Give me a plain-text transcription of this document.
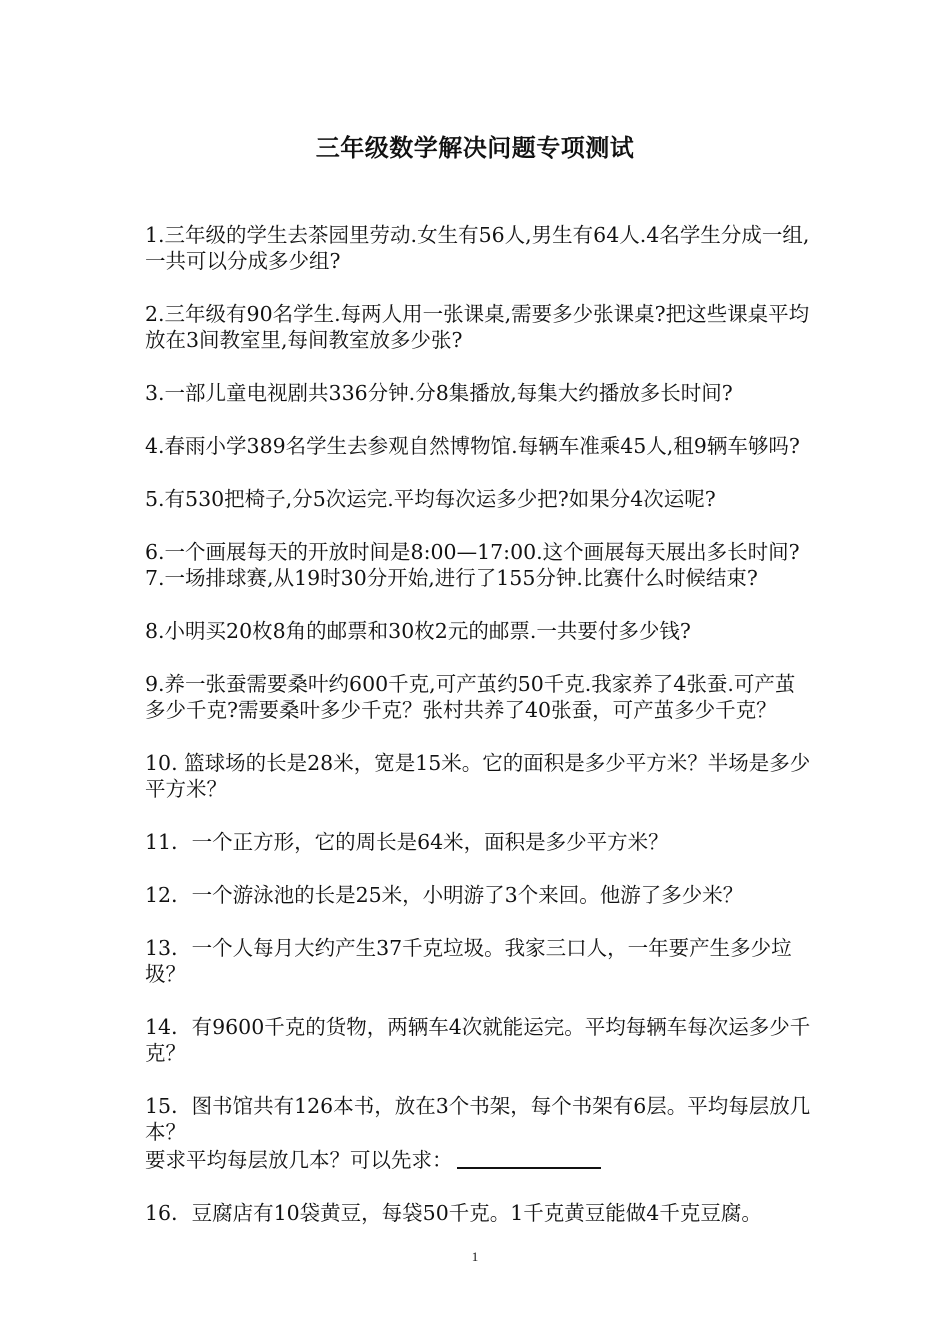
三年级数学解决问题专项测试

1.三年级的学生去茶园里劳动.女生有56人,男生有64人.4名学生分成一组,一共可以分成多少组?

2.三年级有90名学生.每两人用一张课桌,需要多少张课桌?把这些课桌平均放在3间教室里,每间教室放多少张?

3.一部儿童电视剧共336分钟.分8集播放,每集大约播放多长时间?

4.春雨小学389名学生去参观自然博物馆.每辆车准乘45人,租9辆车够吗?

5.有530把椅子,分5次运完.平均每次运多少把?如果分4次运呢?

6.一个画展每天的开放时间是8:00—17:00.这个画展每天展出多长时间?

7.一场排球赛,从19时30分开始,进行了155分钟.比赛什么时候结束?

8.小明买20枚8角的邮票和30枚2元的邮票.一共要付多少钱?

9.养一张蚕需要桑叶约600千克,可产茧约50千克.我家养了4张蚕.可产茧多少千克?需要桑叶多少千克？张村共养了40张蚕，可产茧多少千克？

10. 篮球场的长是28米，宽是15米。它的面积是多少平方米？半场是多少平方米？

11．一个正方形，它的周长是64米，面积是多少平方米？

12．一个游泳池的长是25米，小明游了3个来回。他游了多少米？

13．一个人每月大约产生37千克垃圾。我家三口人，一年要产生多少垃圾？

14．有9600千克的货物，两辆车4次就能运完。平均每辆车每次运多少千克？

15．图书馆共有126本书，放在3个书架，每个书架有6层。平均每层放几本？

要求平均每层放几本？可以先求：

16．豆腐店有10袋黄豆，每袋50千克。1千克黄豆能做4千克豆腐。

1
